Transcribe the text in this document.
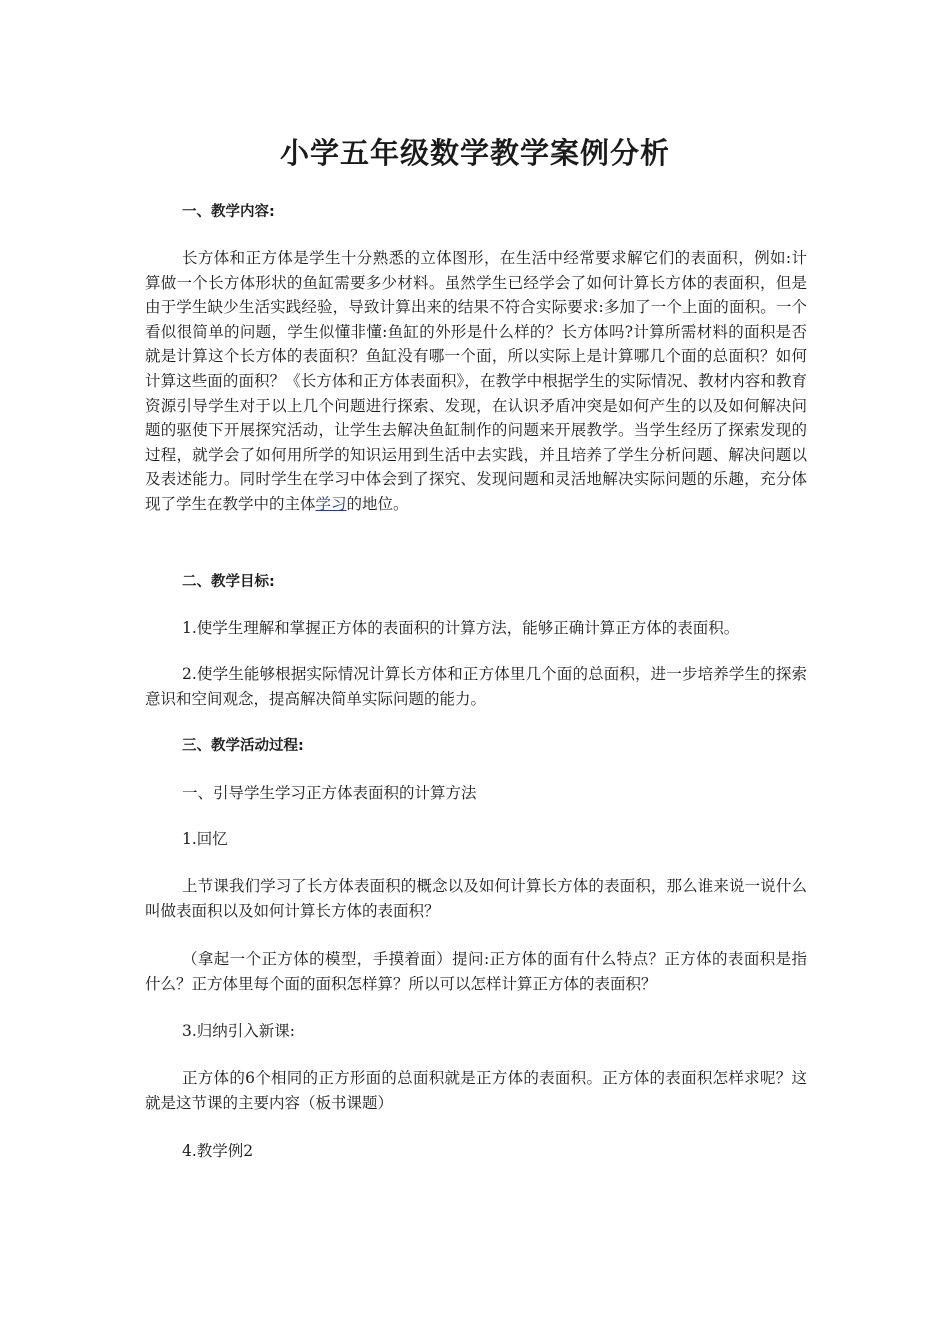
小学五年级数学教学案例分析

一、教学内容:

长方体和正方体是学生十分熟悉的立体图形，在生活中经常要求解它们的表面积，例如:计算做一个长方体形状的鱼缸需要多少材料。虽然学生已经学会了如何计算长方体的表面积，但是由于学生缺少生活实践经验，导致计算出来的结果不符合实际要求:多加了一个上面的面积。一个看似很简单的问题，学生似懂非懂:鱼缸的外形是什么样的？长方体吗?计算所需材料的面积是否就是计算这个长方体的表面积？鱼缸没有哪一个面，所以实际上是计算哪几个面的总面积？如何计算这些面的面积？《长方体和正方体表面积》，在教学中根据学生的实际情况、教材内容和教育资源引导学生对于以上几个问题进行探索、发现，在认识矛盾冲突是如何产生的以及如何解决问题的驱使下开展探究活动，让学生去解决鱼缸制作的问题来开展教学。当学生经历了探索发现的过程，就学会了如何用所学的知识运用到生活中去实践，并且培养了学生分析问题、解决问题以及表述能力。同时学生在学习中体会到了探究、发现问题和灵活地解决实际问题的乐趣，充分体现了学生在教学中的主体学习的地位。

二、教学目标:

1.使学生理解和掌握正方体的表面积的计算方法，能够正确计算正方体的表面积。

2.使学生能够根据实际情况计算长方体和正方体里几个面的总面积，进一步培养学生的探索意识和空间观念，提高解决简单实际问题的能力。

三、教学活动过程:

一、引导学生学习正方体表面积的计算方法

1.回忆

上节课我们学习了长方体表面积的概念以及如何计算长方体的表面积，那么谁来说一说什么叫做表面积以及如何计算长方体的表面积？

（拿起一个正方体的模型，手摸着面）提问:正方体的面有什么特点？正方体的表面积是指什么？正方体里每个面的面积怎样算？所以可以怎样计算正方体的表面积？

3.归纳引入新课:

正方体的6个相同的正方形面的总面积就是正方体的表面积。正方体的表面积怎样求呢？这就是这节课的主要内容（板书课题）

4.教学例2
